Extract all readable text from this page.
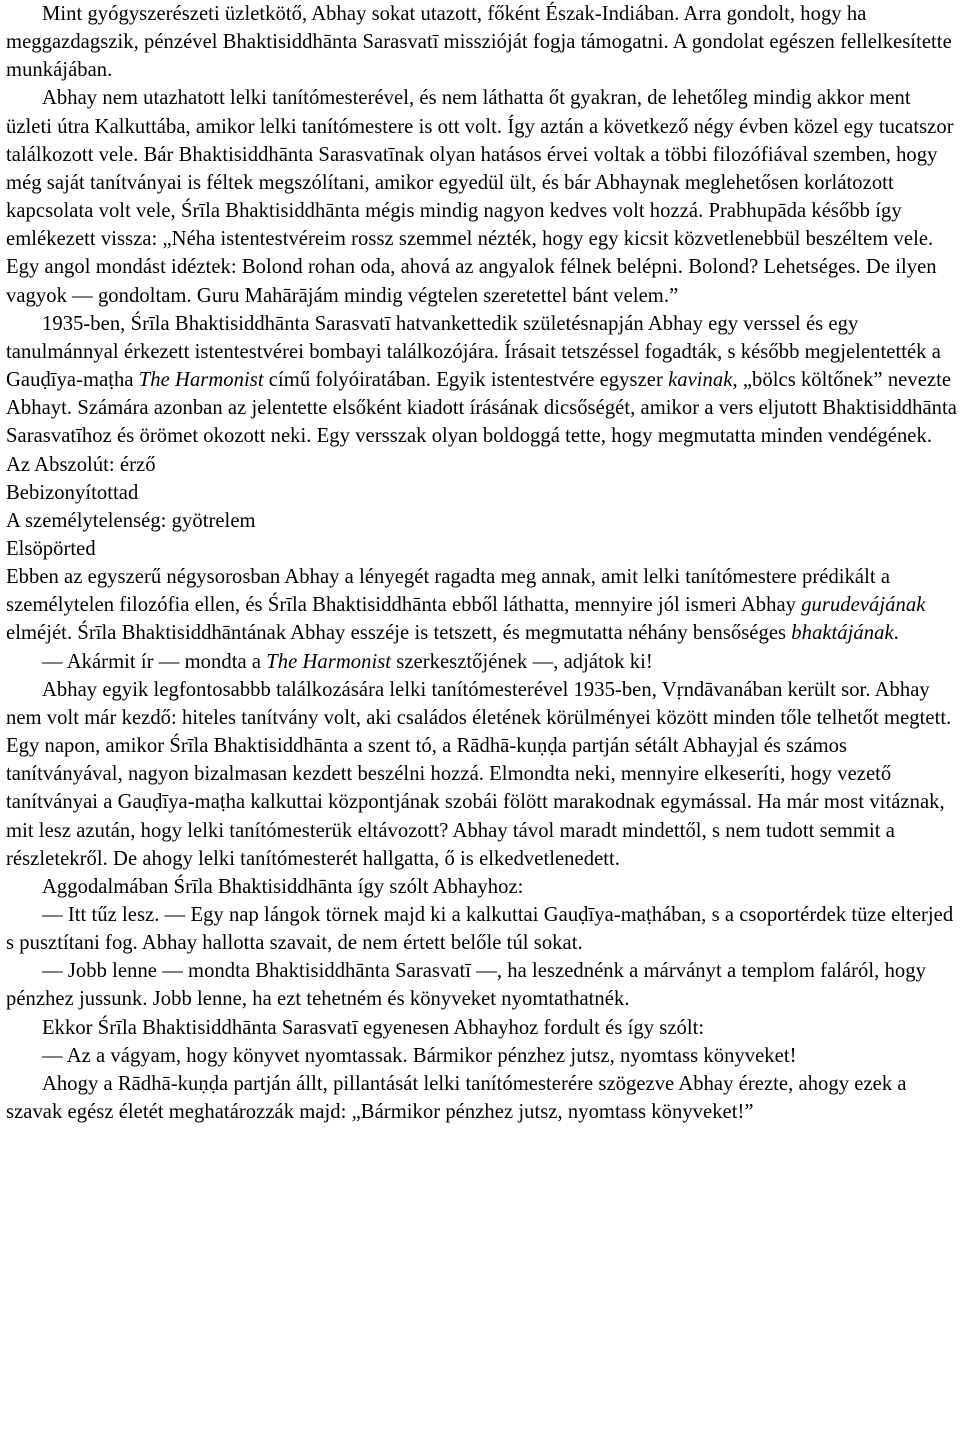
Mint gyógyszerészeti üzletkötő, Abhay sokat utazott, főként Észak-Indiában. Arra gondolt, hogy ha meggazdagszik, pénzével Bhaktisiddhānta Sarasvatī misszióját fogja támogatni. A gondolat egészen fellelkesítette munkájában.

Abhay nem utazhatott lelki tanítómesterével, és nem láthatta őt gyakran, de lehetőleg mindig akkor ment üzleti útra Kalkuttába, amikor lelki tanítómestere is ott volt. Így aztán a következő négy évben közel egy tucatszor találkozott vele. Bár Bhaktisiddhānta Sarasvatīnak olyan hatásos érvei voltak a többi filozófiával szemben, hogy még saját tanítványai is féltek megszólítani, amikor egyedül ült, és bár Abhaynak meglehetősen korlátozott kapcsolata volt vele, Śrīla Bhaktisiddhānta mégis mindig nagyon kedves volt hozzá. Prabhupāda később így emlékezett vissza: „Néha istentestvéreim rossz szemmel nézték, hogy egy kicsit közvetlenebbül beszéltem vele. Egy angol mondást idéztek: Bolond rohan oda, ahová az angyalok félnek belépni. Bolond? Lehetséges. De ilyen vagyok — gondoltam. Guru Mahārājám mindig végtelen szeretettel bánt velem.”

1935-ben, Śrīla Bhaktisiddhānta Sarasvatī hatvankettedik születésnapján Abhay egy verssel és egy tanulmánnyal érkezett istentestvérei bombayi találkozójára. Írásait tetszéssel fogadták, s később megjelentették a Gauḍīya-maṭha The Harmonist című folyóiratában. Egyik istentestvére egyszer kavinak, „bölcs költőnek” nevezte Abhayt. Számára azonban az jelentette elsőként kiadott írásának dicsőségét, amikor a vers eljutott Bhaktisiddhānta Sarasvatīhoz és örömet okozott neki. Egy versszak olyan boldoggá tette, hogy megmutatta minden vendégének.

Az Abszolút: érző
Bebizonyítottad
A személytelenség: gyötrelem
Elsöpörted

Ebben az egyszerű négysorosban Abhay a lényegét ragadta meg annak, amit lelki tanítómestere prédikált a személytelen filozófia ellen, és Śrīla Bhaktisiddhānta ebből láthatta, mennyire jól ismeri Abhay gurudevájának elméjét. Śrīla Bhaktisiddhāntának Abhay esszéje is tetszett, és megmutatta néhány bensőséges bhaktájának.

— Akármit ír — mondta a The Harmonist szerkesztőjének —, adjátok ki!

Abhay egyik legfontosabbb találkozására lelki tanítómesterével 1935-ben, Vṛndāvanában került sor. Abhay nem volt már kezdő: hiteles tanítvány volt, aki családos életének körülményei között minden tőle telhetőt megtett. Egy napon, amikor Śrīla Bhaktisiddhānta a szent tó, a Rādhā-kuṇḍa partján sétált Abhayjal és számos tanítványával, nagyon bizalmasan kezdett beszélni hozzá. Elmondta neki, mennyire elkeseríti, hogy vezető tanítványai a Gauḍīya-maṭha kalkuttai központjának szobái fölött marakodnak egymással. Ha már most vitáznak, mit lesz azután, hogy lelki tanítómesterük eltávozott? Abhay távol maradt mindettől, s nem tudott semmit a részletekről. De ahogy lelki tanítómesterét hallgatta, ő is elkedvetlenedett.

Aggodalmában Śrīla Bhaktisiddhānta így szólt Abhayhoz:

— Itt tűz lesz. — Egy nap lángok törnek majd ki a kalkuttai Gauḍīya-maṭhában, s a csoportérdek tüze elterjed s pusztítani fog. Abhay hallotta szavait, de nem értett belőle túl sokat.

— Jobb lenne — mondta Bhaktisiddhānta Sarasvatī —, ha leszednénk a márványt a templom faláról, hogy pénzhez jussunk. Jobb lenne, ha ezt tehetném és könyveket nyomtathatnék.

Ekkor Śrīla Bhaktisiddhānta Sarasvatī egyenesen Abhayhoz fordult és így szólt:

— Az a vágyam, hogy könyvet nyomtassak. Bármikor pénzhez jutsz, nyomtass könyveket!

Ahogy a Rādhā-kuṇḍa partján állt, pillantását lelki tanítómesterére szögezve Abhay érezte, ahogy ezek a szavak egész életét meghatározzák majd: „Bármikor pénzhez jutsz, nyomtass könyveket!”
